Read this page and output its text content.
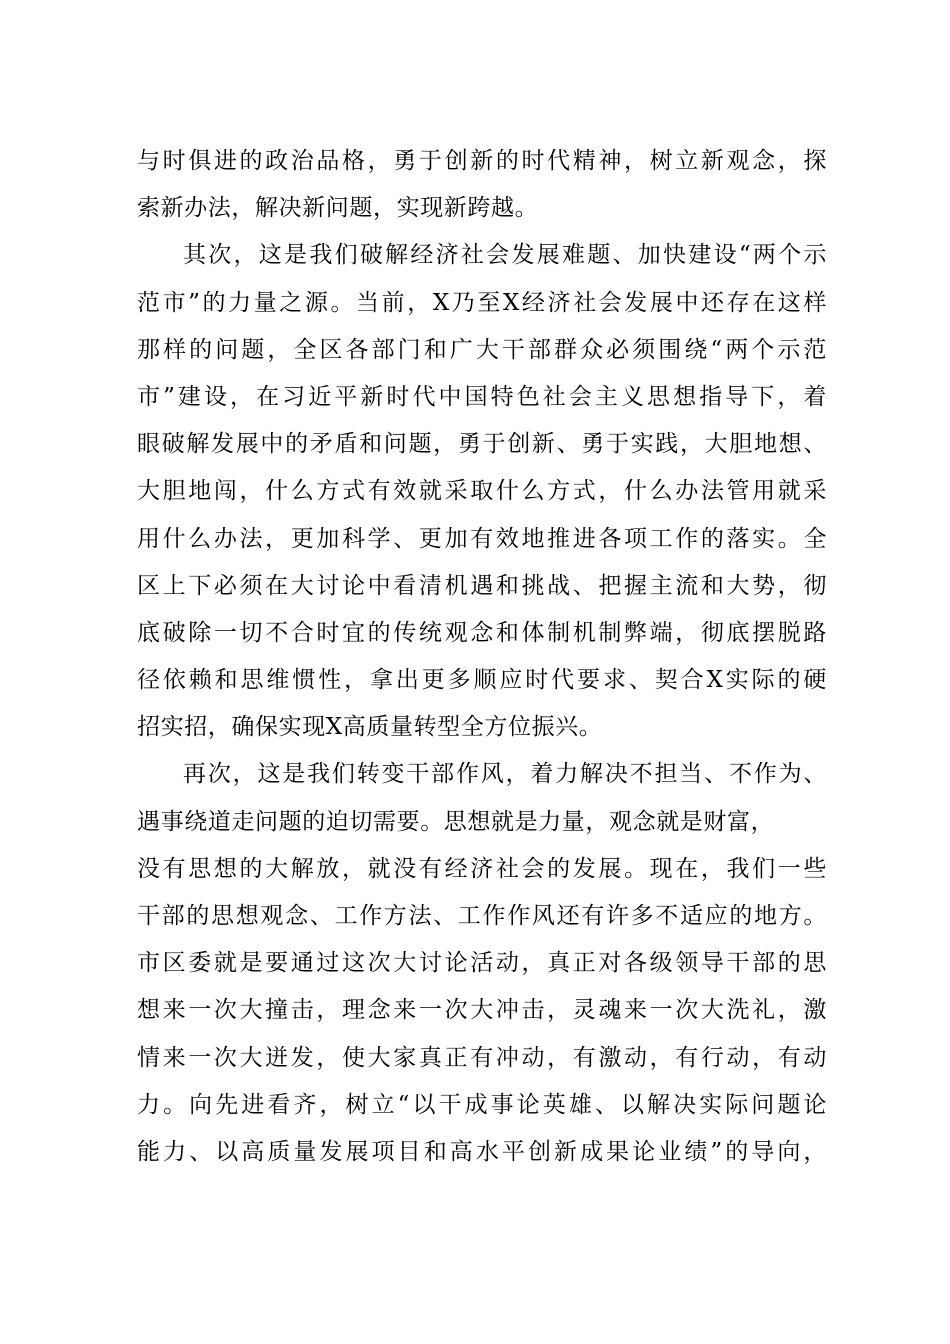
与时俱进的政治品格，勇于创新的时代精神，树立新观念，探
索新办法，解决新问题，实现新跨越。
其次，这是我们破解经济社会发展难题、加快建设“两个示
范市”的力量之源。当前，X乃至X经济社会发展中还存在这样
那样的问题，全区各部门和广大干部群众必须围绕“两个示范
市”建设，在习近平新时代中国特色社会主义思想指导下，着
眼破解发展中的矛盾和问题，勇于创新、勇于实践，大胆地想、
大胆地闯，什么方式有效就采取什么方式，什么办法管用就采
用什么办法，更加科学、更加有效地推进各项工作的落实。全
区上下必须在大讨论中看清机遇和挑战、把握主流和大势，彻
底破除一切不合时宜的传统观念和体制机制弊端，彻底摆脱路
径依赖和思维惯性，拿出更多顺应时代要求、契合X实际的硬
招实招，确保实现X高质量转型全方位振兴。
再次，这是我们转变干部作风，着力解决不担当、不作为、
遇事绕道走问题的迫切需要。思想就是力量，观念就是财富，
没有思想的大解放，就没有经济社会的发展。现在，我们一些
干部的思想观念、工作方法、工作作风还有许多不适应的地方。
市区委就是要通过这次大讨论活动，真正对各级领导干部的思
想来一次大撞击，理念来一次大冲击，灵魂来一次大洗礼，激
情来一次大迸发，使大家真正有冲动，有激动，有行动，有动
力。向先进看齐，树立“以干成事论英雄、以解决实际问题论
能力、以高质量发展项目和高水平创新成果论业绩”的导向，
